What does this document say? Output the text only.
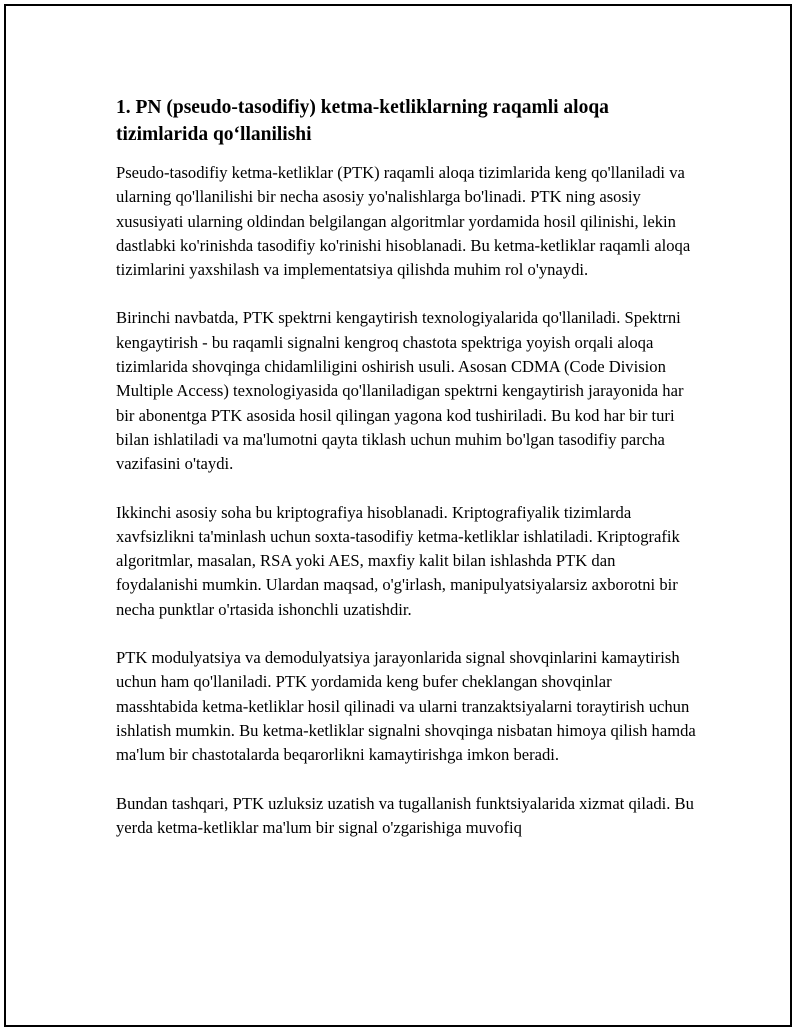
1. PN (pseudo-tasodifiy) ketma-ketliklarning raqamli aloqa tizimlarida qo‘llanilishi

Pseudo-tasodifiy ketma-ketliklar (PTK) raqamli aloqa tizimlarida keng qo'llaniladi va ularning qo'llanilishi bir necha asosiy yo'nalishlarga bo'linadi. PTK ning asosiy xususiyati ularning oldindan belgilangan algoritmlar yordamida hosil qilinishi, lekin dastlabki ko'rinishda tasodifiy ko'rinishi hisoblanadi. Bu ketma-ketliklar raqamli aloqa tizimlarini yaxshilash va implementatsiya qilishda muhim rol o'ynaydi.

Birinchi navbatda, PTK spektrni kengaytirish texnologiyalarida qo'llaniladi. Spektrni kengaytirish - bu raqamli signalni kengroq chastota spektriga yoyish orqali aloqa tizimlarida shovqinga chidamliligini oshirish usuli. Asosan CDMA (Code Division Multiple Access) texnologiyasida qo'llaniladigan spektrni kengaytirish jarayonida har bir abonentga PTK asosida hosil qilingan yagona kod tushiriladi. Bu kod har bir turi bilan ishlatiladi va ma'lumotni qayta tiklash uchun muhim bo'lgan tasodifiy parcha vazifasini o'taydi.

Ikkinchi asosiy soha bu kriptografiya hisoblanadi. Kriptografiyalik tizimlarda xavfsizlikni ta'minlash uchun soxta-tasodifiy ketma-ketliklar ishlatiladi. Kriptografik algoritmlar, masalan, RSA yoki AES, maxfiy kalit bilan ishlashda PTK dan foydalanishi mumkin. Ulardan maqsad, o'g'irlash, manipulyatsiyalarsiz axborotni bir necha punktlar o'rtasida ishonchli uzatishdir.

PTK modulyatsiya va demodulyatsiya jarayonlarida signal shovqinlarini kamaytirish uchun ham qo'llaniladi. PTK yordamida keng bufer cheklangan shovqinlar masshtabida ketma-ketliklar hosil qilinadi va ularni tranzaktsiyalarni toraytirish uchun ishlatish mumkin. Bu ketma-ketliklar signalni shovqinga nisbatan himoya qilish hamda ma'lum bir chastotalarda beqarorlikni kamaytirishga imkon beradi.

Bundan tashqari, PTK uzluksiz uzatish va tugallanish funktsiyalarida xizmat qiladi. Bu yerda ketma-ketliklar ma'lum bir signal o'zgarishiga muvofiq
